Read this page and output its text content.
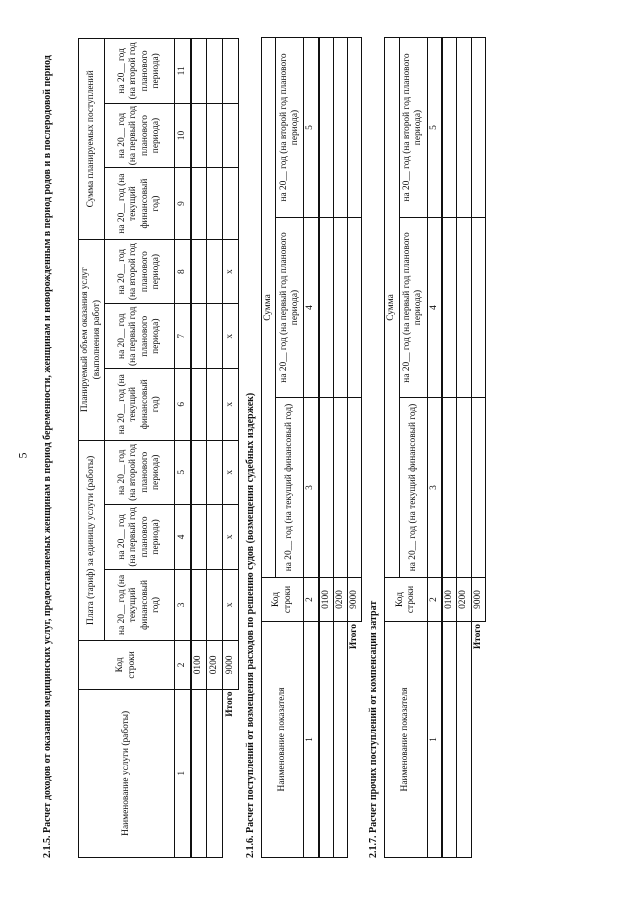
5 2.1.5. Расчет доходов от оказания медицинских услуг, предоставляемых женщинам в период беременности, женщинам и новорожденным в период родов и в послеродовой период	Наименование услуги (работы)	Код строки	Плата (тариф) за единицу услуги (работы)			Планируемый объем оказания услуг (выполнения работ)			Сумма планируемых поступлений		
		на 20__ год (на текущий финансовый год)	на 20__ год (на первый год планового периода)	на 20__ год (на второй год планового периода)	на 20__ год (на текущий финансовый год)	на 20__ год (на первый год планового периода)	на 20__ год (на второй год планового периода)	на 20__ год (на текущий финансовый год)	на 20__ год (на первый год планового периода)	на 20__ год (на второй год планового периода)
1	2	3	4	5	6	7	8	9	10	11
	0100									
	0200									
Итого	9000	x	x	x	x	x	x			

2.1.6. Расчет поступлений от возмещения расходов по решению судов (возмещения судебных издержек) Наименование показателя	Код строки	Сумма		
		на 20__ год (на текущий финансовый год)	на 20__ год (на первый год планового периода)	на 20__ год (на второй год планового периода)
1	2	3	4	5
	0100			
	0200			
Итого	9000			

2.1.7. Расчет прочих поступлений от компенсации затрат Наименование показателя	Код строки	Сумма		
		на 20__ год (на текущий финансовый год)	на 20__ год (на первый год планового периода)	на 20__ год (на второй год планового периода)
1	2	3	4	5
	0100			
	0200			
Итого	9000			
